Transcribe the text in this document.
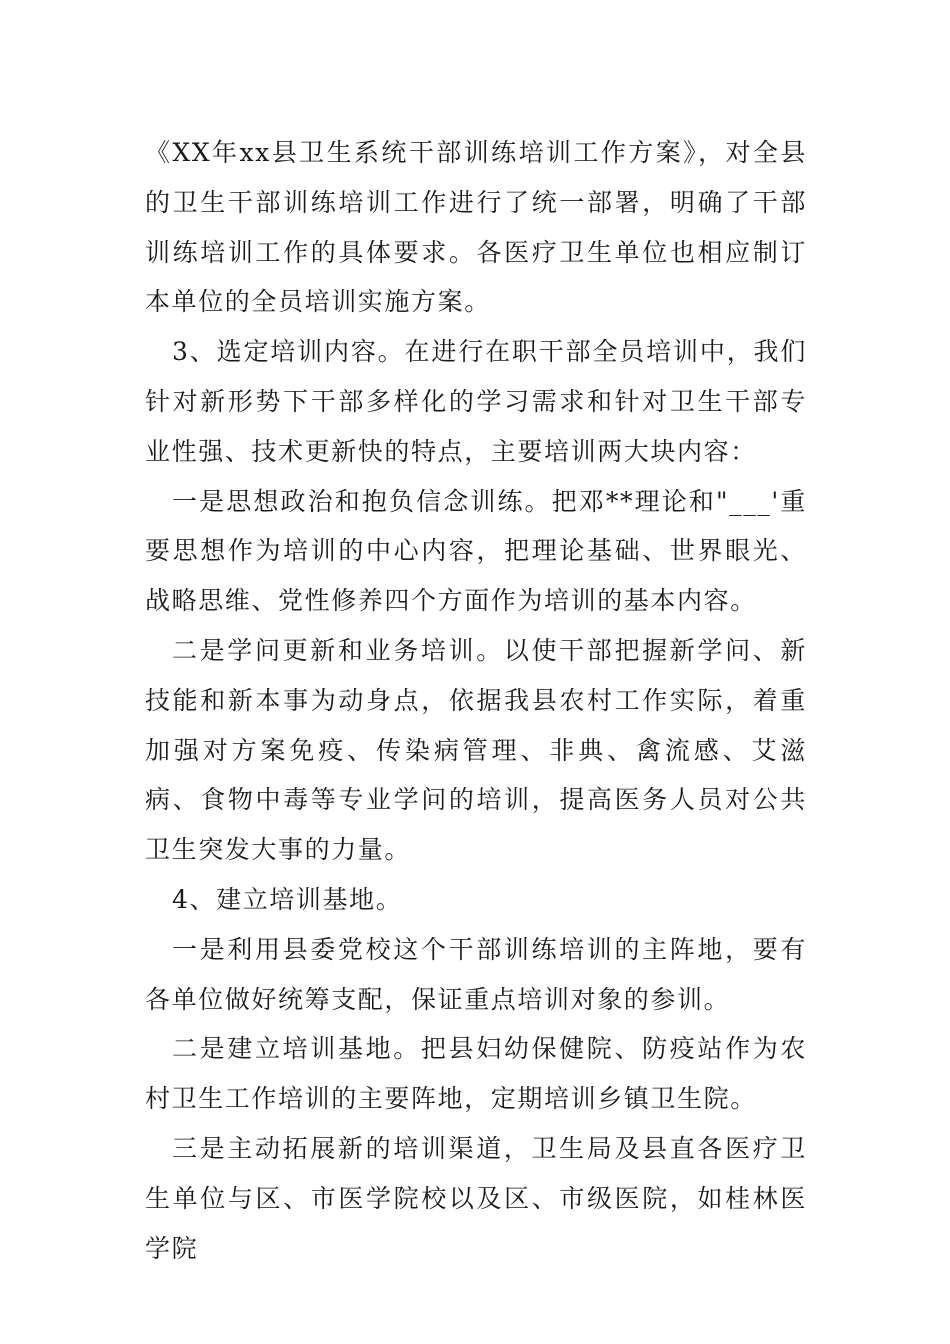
《XX年xx县卫生系统干部训练培训工作方案》，对全县的卫生干部训练培训工作进行了统一部署，明确了干部训练培训工作的具体要求。各医疗卫生单位也相应制订本单位的全员培训实施方案。

3、选定培训内容。在进行在职干部全员培训中，我们针对新形势下干部多样化的学习需求和针对卫生干部专业性强、技术更新快的特点，主要培训两大块内容：

一是思想政治和抱负信念训练。把邓**理论和"___'重要思想作为培训的中心内容，把理论基础、世界眼光、战略思维、党性修养四个方面作为培训的基本内容。

二是学问更新和业务培训。以使干部把握新学问、新技能和新本事为动身点，依据我县农村工作实际，着重加强对方案免疫、传染病管理、非典、禽流感、艾滋病、食物中毒等专业学问的培训，提高医务人员对公共卫生突发大事的力量。

4、建立培训基地。

一是利用县委党校这个干部训练培训的主阵地，要有各单位做好统筹支配，保证重点培训对象的参训。

二是建立培训基地。把县妇幼保健院、防疫站作为农村卫生工作培训的主要阵地，定期培训乡镇卫生院。

三是主动拓展新的培训渠道，卫生局及县直各医疗卫生单位与区、市医学院校以及区、市级医院，如桂林医学院
